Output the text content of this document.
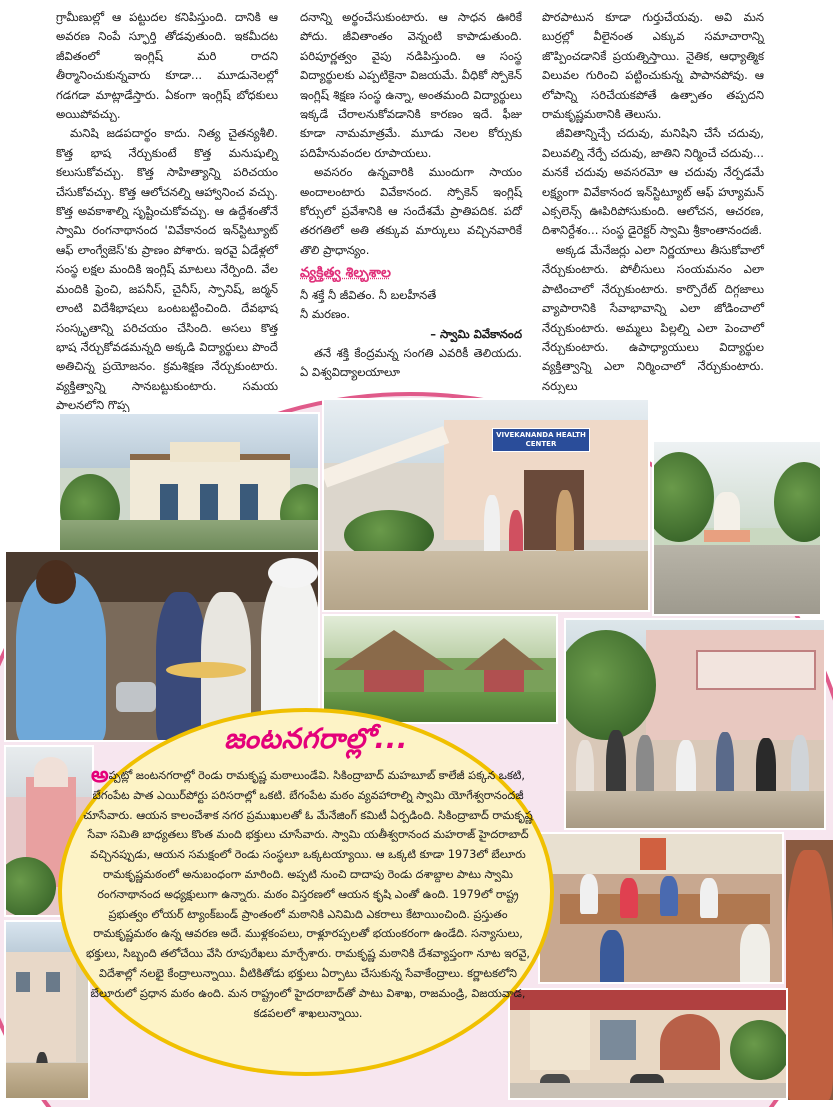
గ్రామీణుల్లో ఆ పట్టుదల కనిపిస్తుంది. దానికి ఆ అవరణ నింపే స్ఫూర్తి తోడవుతుంది. ఇకమీదట జీవితంలో ఇంగ్లిష్ మరి రాదని తీర్మానించుకున్నవారు కూడా... మూడునెలల్లో గడగడా మాట్లాడేస్తారు. ఏకంగా ఇంగ్లిష్ బోధకులు అయిపోవచ్చు.

మనిషి జడపదార్థం కాదు. నిత్య చైతన్యశీలి. కొత్త భాష నేర్చుకుంటే కొత్త మనుషుల్ని కలుసుకోవచ్చు. కొత్త సాహిత్యాన్ని పరిచయం చేసుకోవచ్చు. కొత్త ఆలోచనల్ని ఆహ్వానించ వచ్చు. కొత్త అవకాశాల్ని సృష్టించుకోవచ్చు. ఆ ఉద్దేశంతోనే స్వామి రంగనాథానంద 'వివేకానంద ఇన్‌స్టిట్యూట్ ఆఫ్ లాంగ్వేజెస్'కు ప్రాణం పోశారు. ఇరవై ఏడేళ్లలో సంస్థ లక్షల మందికి ఇంగ్లిష్ మాటలు నేర్పింది. వేల మందికి ఫ్రెంచి, జపనీస్, చైనీస్, స్పానిష్, జర్మన్ లాంటి విదేశీభాషలు ఒంటబట్టించింది. దేవభాష సంస్కృతాన్ని పరిచయం చేసింది. అసలు కొత్త భాష నేర్చుకోవడమన్నది అక్కడి విద్యార్థులు పొందే అతిచిన్న ప్రయోజనం. క్రమశిక్షణ నేర్చుకుంటారు. వ్యక్తిత్వాన్ని సానబట్టుకుంటారు. సమయ పాలనలోని గొప్ప

దనాన్ని అర్థంచేసుకుంటారు. ఆ సాధన ఊరికే పోదు. జీవితాంతం వెన్నంటి కాపాడుతుంది. పరిపూర్ణత్వం వైపు నడిపిస్తుంది. ఆ సంస్థ విద్యార్థులకు ఎప్పటికైనా విజయమే. వీధికో స్పోకెన్ ఇంగ్లిష్ శిక్షణ సంస్థ ఉన్నా, అంతమంది విద్యార్థులు ఇక్కడే చేరాలనుకోవడానికి కారణం ఇదే. ఫీజు కూడా నామమాత్రమే. మూడు నెలల కోర్సుకు పదిహేనువందల రూపాయలు.

అవసరం ఉన్నవారికి ముందుగా సాయం అందాలంటారు వివేకానంద. స్పోకెన్ ఇంగ్లిష్ కోర్సులో ప్రవేశానికి ఆ సందేశమే ప్రాతిపదిక. పదో తరగతిలో అతి తక్కువ మార్కులు వచ్చినవారికే తొలి ప్రాధాన్యం.

వ్యక్తిత్వ శిల్పశాల

నీ శక్తే నీ జీవితం. నీ బలహీనతే

నీ మరణం.

– స్వామి వివేకానంద

తనే శక్తి కేంద్రమన్న సంగతి ఎవరికీ తెలియదు. ఏ విశ్వవిద్యాలయాలూ

పొరపాటున కూడా గుర్తుచేయవు. అవి మన బుర్రల్లో వీలైనంత ఎక్కువ సమాచారాన్ని జొప్పించడానికే ప్రయత్నిస్తాయి. నైతిక, ఆధ్యాత్మిక విలువల గురించి పట్టించుకున్న పాపానపోవు. ఆ లోపాన్ని సరిచేయకపోతే ఉత్పాతం తప్పదని రామకృష్ణమఠానికి తెలుసు.

జీవితాన్నిచ్చే చదువు, మనిషిని చేసే చదువు, విలువల్ని నేర్పే చదువు, జాతిని నిర్మించే చదువు... మనకే చదువు అవసరమో ఆ చదువు నేర్పడమే లక్ష్యంగా వివేకానంద ఇన్‌స్టిట్యూట్ ఆఫ్ హ్యూమన్ ఎక్సలెన్స్ ఊపిరిపోసుకుంది. ఆలోచన, ఆచరణ, దిశానిర్దేశం... సంస్థ డైరెక్టర్ స్వామి శ్రీకాంతానందజీ.

అక్కడ మేనేజర్లు ఎలా నిర్ణయాలు తీసుకోవాలో నేర్చుకుంటారు. పోలీసులు సంయమనం ఎలా పాటించాలో నేర్చుకుంటారు. కార్పొరేట్ దిగ్గజాలు వ్యాపారానికి సేవాభావాన్ని ఎలా జోడించాలో నేర్చుకుంటారు. అమ్మలు పిల్లల్ని ఎలా పెంచాలో నేర్చుకుంటారు. ఉపాధ్యాయులు విద్యార్థుల వ్యక్తిత్వాన్ని ఎలా నిర్మించాలో నేర్చుకుంటారు. నర్సులు

VIVEKANANDA HEALTH CENTER
జంటనగరాల్లో...
అప్పట్లో జంటనగరాల్లో రెండు రామకృష్ణ మఠాలుండేవి. సికింద్రాబాద్ మహబూబ్ కాలేజీ పక్కన ఒకటి, బేగంపేట పాత ఎయిర్‌పోర్టు పరిసరాల్లో ఒకటి. బేగంపేట మఠం వ్యవహారాల్ని స్వామి యోగేశ్వరానందజీ చూసేవారు. ఆయన కాలంచేశాక నగర ప్రముఖులతో ఓ మేనేజింగ్ కమిటీ ఏర్పడింది. సికింద్రాబాద్ రామకృష్ణ సేవా సమితి బాధ్యతలు కొంత మంది భక్తులు చూసేవారు. స్వామి యతీశ్వరానంద మహరాజ్ హైదరాబాద్ వచ్చినప్పుడు, ఆయన సమక్షంలో రెండు సంస్థలూ ఒక్కటయ్యాయి. ఆ ఒక్కటి కూడా 1973లో బేలూరు రామకృష్ణమఠంలో అనుబంధంగా మారింది. అప్పటి నుంచి దాదాపు రెండు దశాబ్దాల పాటు స్వామి రంగనాథానంద అధ్యక్షులుగా ఉన్నారు. మఠం విస్తరణలో ఆయన కృషి ఎంతో ఉంది. 1979లో రాష్ట్ర ప్రభుత్వం లోయర్ ట్యాంక్‌బండ్ ప్రాంతంలో మఠానికి ఎనిమిది ఎకరాలు కేటాయించింది. ప్రస్తుతం రామకృష్ణమఠం ఉన్న ఆవరణ అదే. ముళ్లకంపలు, రాళ్లూరప్పలతో భయంకరంగా ఉండేది. సన్యాసులు, భక్తులు, సిబ్బంది తలోచేయి వేసి రూపురేఖలు మార్చేశారు. రామకృష్ణ మఠానికి దేశవ్యాప్తంగా నూట ఇరవై, విదేశాల్లో నలభై కేంద్రాలున్నాయి. వీటికితోడు భక్తులు ఏర్పాటు చేసుకున్న సేవాకేంద్రాలు. కర్ణాటకలోని బేలూరులో ప్రధాన మఠం ఉంది. మన రాష్ట్రంలో హైదరాబాద్‌తో పాటు విశాఖ, రాజమండ్రి, విజయవాడ, కడపలలో శాఖలున్నాయి.
